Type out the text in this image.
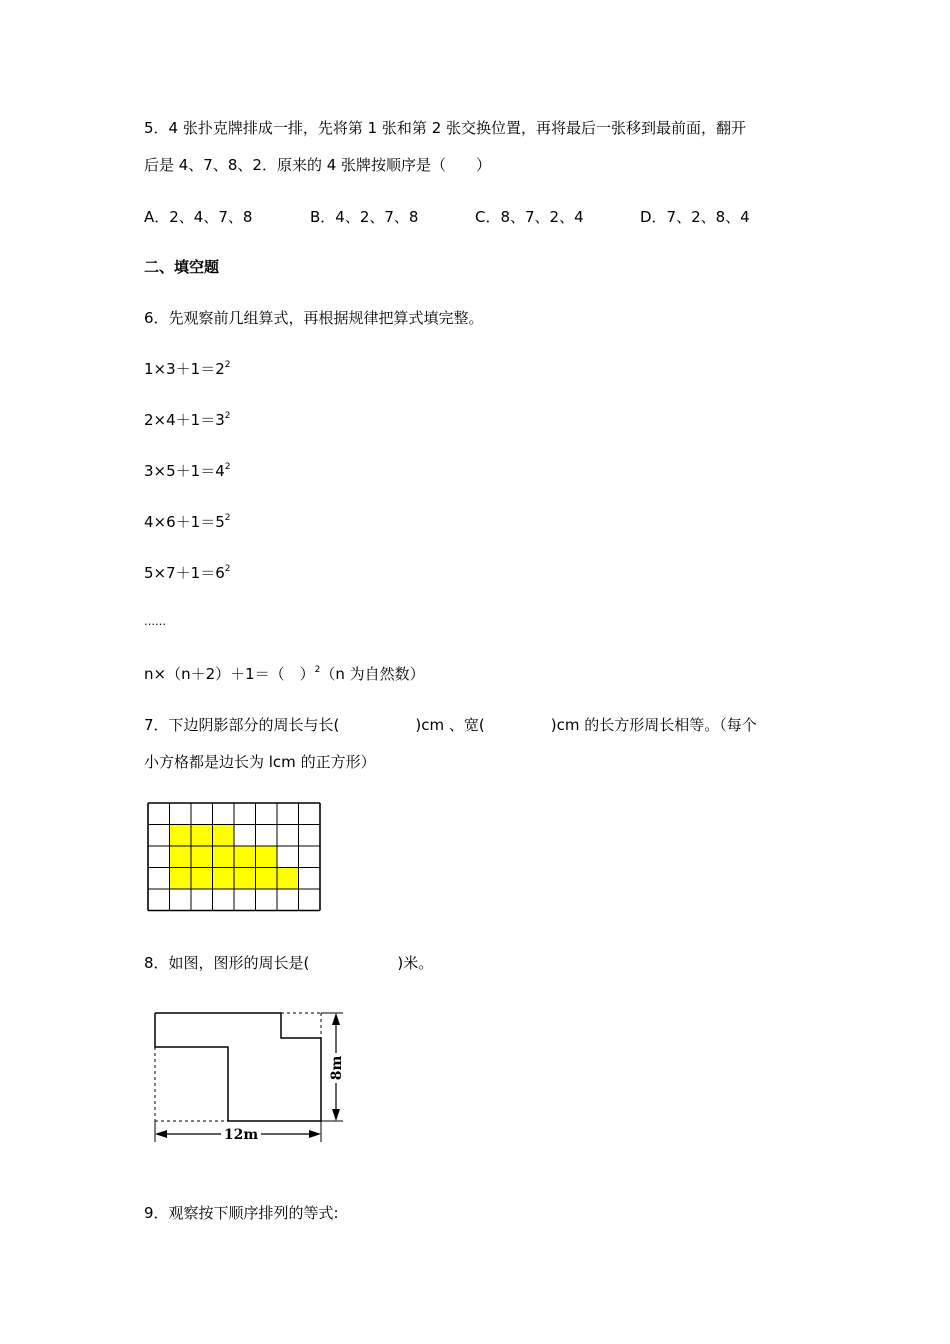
5．4 张扑克牌排成一排，先将第 1 张和第 2 张交换位置，再将最后一张移到最前面，翻开
后是 4、7、8、2．原来的 4 张牌按顺序是（　　）
A．2、4、7、8	B．4、2、7、8	C．8、7、2、4	D．7、2、8、4
二、填空题
6．先观察前几组算式，再根据规律把算式填完整。
$1\times 3+1=2^2$
$2\times 4+1=3^2$
$3\times 5+1=4^2$
$4\times 6+1=5^2$
$5\times 7+1=6^2$
……
n×（n＋2）＋1＝（　）$^2$（n 为自然数）
7．下边阴影部分的周长与长(	)cm 、宽(	)cm 的长方形周长相等。（每个
小方格都是边长为 lcm 的正方形）
8．如图，图形的周长是(	)米。
8m
12m
9．观察按下顺序排列的等式:
